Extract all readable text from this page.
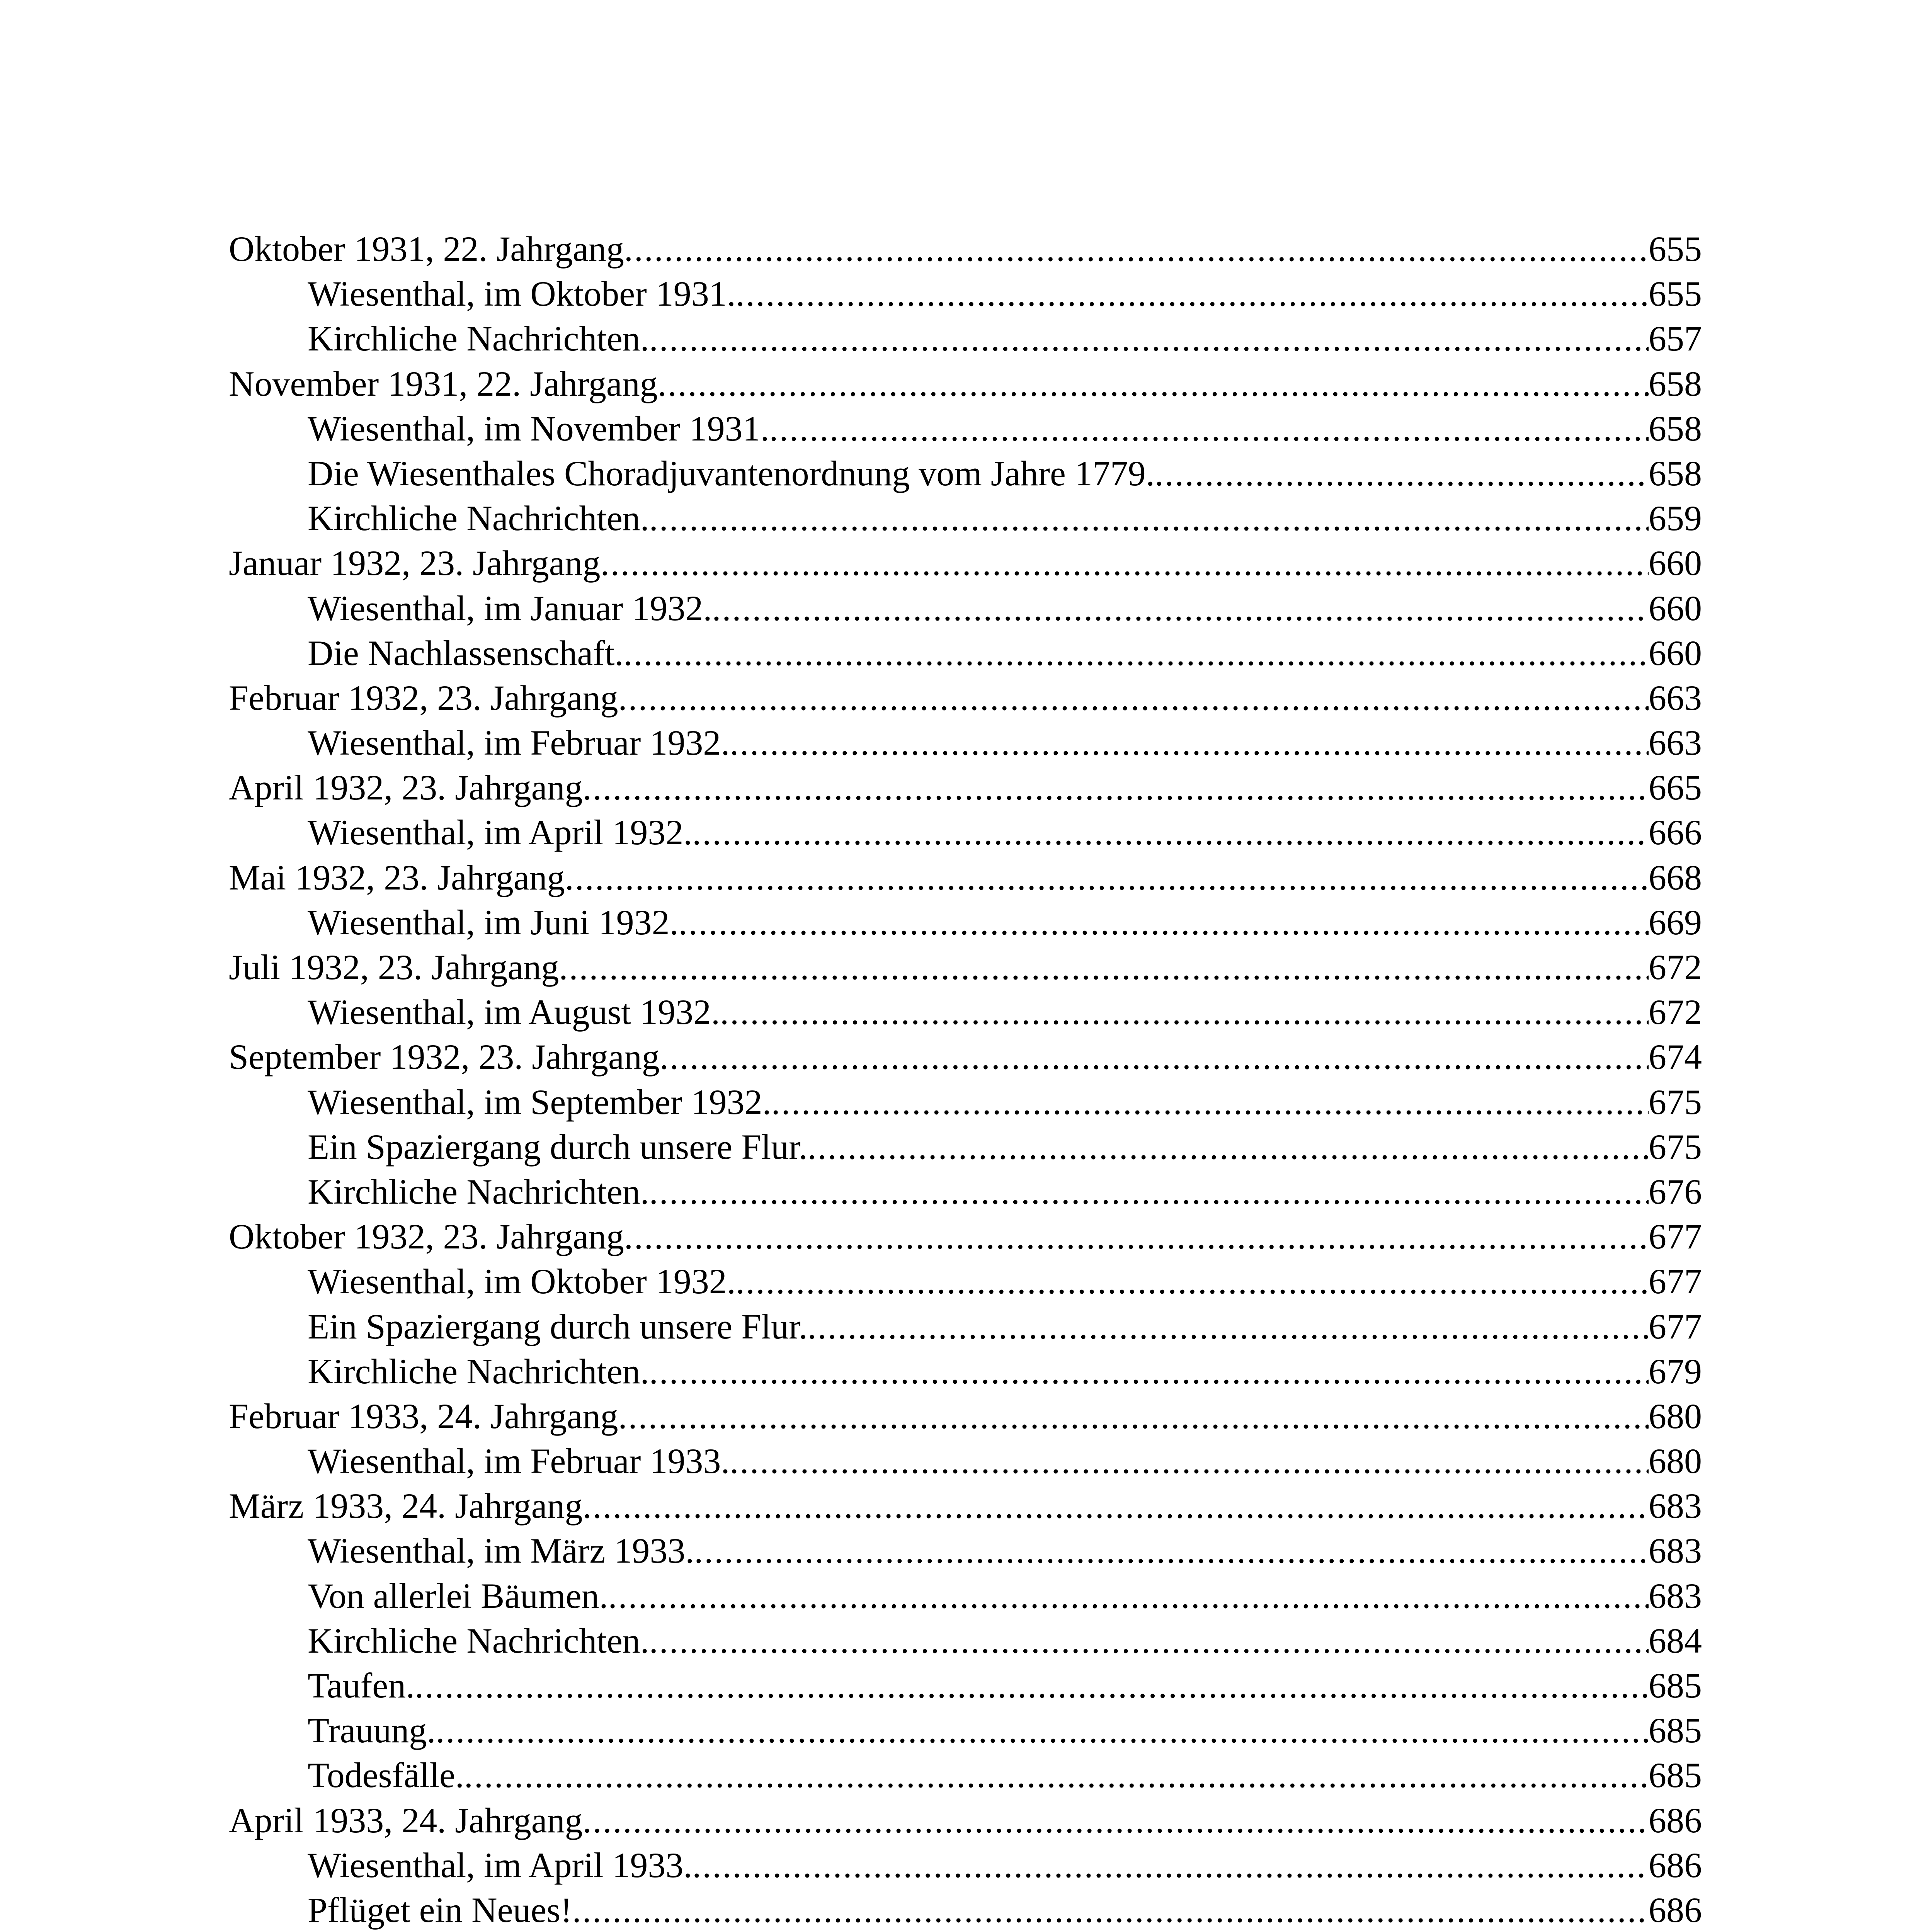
Oktober 1931, 22. Jahrgang .....	655
Wiesenthal, im Oktober 1931. .....	655
Kirchliche Nachrichten. .....	657
November 1931, 22. Jahrgang .....	658
Wiesenthal, im November 1931. .....	658
Die Wiesenthales Choradjuvantenordnung vom Jahre 1779. .....	658
Kirchliche Nachrichten. .....	659
Januar 1932, 23. Jahrgang .....	660
Wiesenthal, im Januar 1932. .....	660
Die Nachlassenschaft. .....	660
Februar 1932, 23. Jahrgang .....	663
Wiesenthal, im Februar 1932. .....	663
April 1932, 23. Jahrgang .....	665
Wiesenthal, im April 1932. .....	666
Mai 1932, 23. Jahrgang .....	668
Wiesenthal, im Juni 1932. .....	669
Juli 1932, 23. Jahrgang .....	672
Wiesenthal, im August 1932. .....	672
September 1932, 23. Jahrgang .....	674
Wiesenthal, im September 1932. .....	675
Ein Spaziergang durch unsere Flur. .....	675
Kirchliche Nachrichten. .....	676
Oktober 1932, 23. Jahrgang .....	677
Wiesenthal, im Oktober 1932. .....	677
Ein Spaziergang durch unsere Flur. .....	677
Kirchliche Nachrichten. .....	679
Februar 1933, 24. Jahrgang .....	680
Wiesenthal, im Februar 1933. .....	680
März 1933, 24. Jahrgang .....	683
Wiesenthal, im März 1933. .....	683
Von allerlei Bäumen. .....	683
Kirchliche Nachrichten. .....	684
Taufen. .....	685
Trauung. .....	685
Todesfälle. .....	685
April 1933, 24. Jahrgang .....	686
Wiesenthal, im April 1933. .....	686
Pflüget ein Neues! .....	686
